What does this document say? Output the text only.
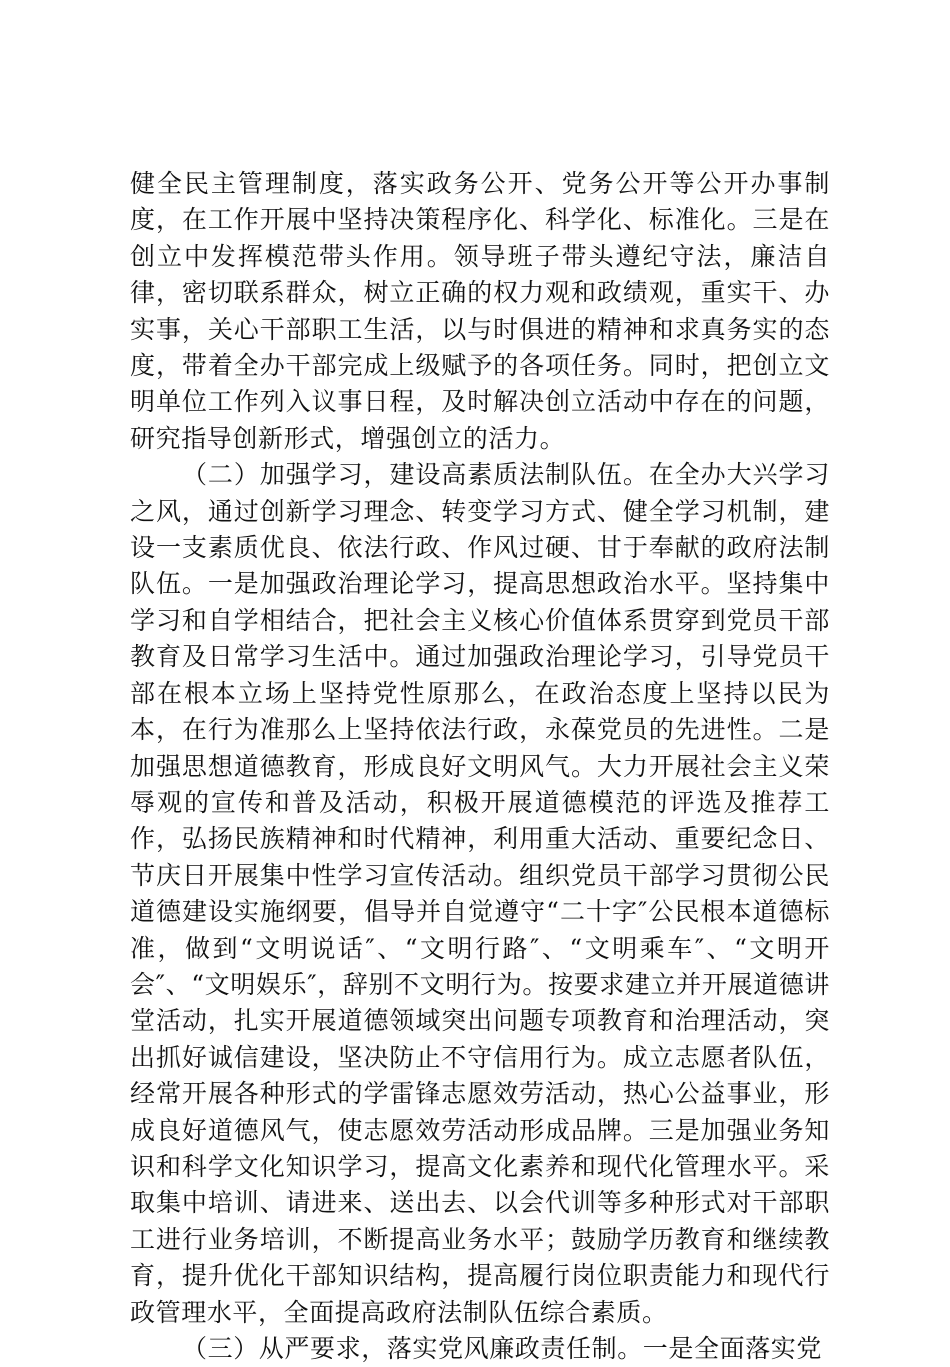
健全民主管理制度，落实政务公开、党务公开等公开办事制度，在工作开展中坚持决策程序化、科学化、标准化。三是在创立中发挥模范带头作用。领导班子带头遵纪守法，廉洁自律，密切联系群众，树立正确的权力观和政绩观，重实干、办实事，关心干部职工生活，以与时俱进的精神和求真务实的态度，带着全办干部完成上级赋予的各项任务。同时，把创立文明单位工作列入议事日程，及时解决创立活动中存在的问题，研究指导创新形式，增强创立的活力。

（二）加强学习，建设高素质法制队伍。在全办大兴学习之风，通过创新学习理念、转变学习方式、健全学习机制，建设一支素质优良、依法行政、作风过硬、甘于奉献的政府法制队伍。一是加强政治理论学习，提高思想政治水平。坚持集中学习和自学相结合，把社会主义核心价值体系贯穿到党员干部教育及日常学习生活中。通过加强政治理论学习，引导党员干部在根本立场上坚持党性原那么，在政治态度上坚持以民为本，在行为准那么上坚持依法行政，永葆党员的先进性。二是加强思想道德教育，形成良好文明风气。大力开展社会主义荣辱观的宣传和普及活动，积极开展道德模范的评选及推荐工作，弘扬民族精神和时代精神，利用重大活动、重要纪念日、节庆日开展集中性学习宣传活动。组织党员干部学习贯彻公民道德建设实施纲要，倡导并自觉遵守“二十字″公民根本道德标准，做到“文明说话″、“文明行路″、“文明乘车″、“文明开会″、“文明娱乐″，辞别不文明行为。按要求建立并开展道德讲堂活动，扎实开展道德领域突出问题专项教育和治理活动，突出抓好诚信建设，坚决防止不守信用行为。成立志愿者队伍，经常开展各种形式的学雷锋志愿效劳活动，热心公益事业，形成良好道德风气，使志愿效劳活动形成品牌。三是加强业务知识和科学文化知识学习，提高文化素养和现代化管理水平。采取集中培训、请进来、送出去、以会代训等多种形式对干部职工进行业务培训，不断提高业务水平；鼓励学历教育和继续教育，提升优化干部知识结构，提高履行岗位职责能力和现代行政管理水平，全面提高政府法制队伍综合素质。

（三）从严要求，落实党风廉政责任制。一是全面落实党
